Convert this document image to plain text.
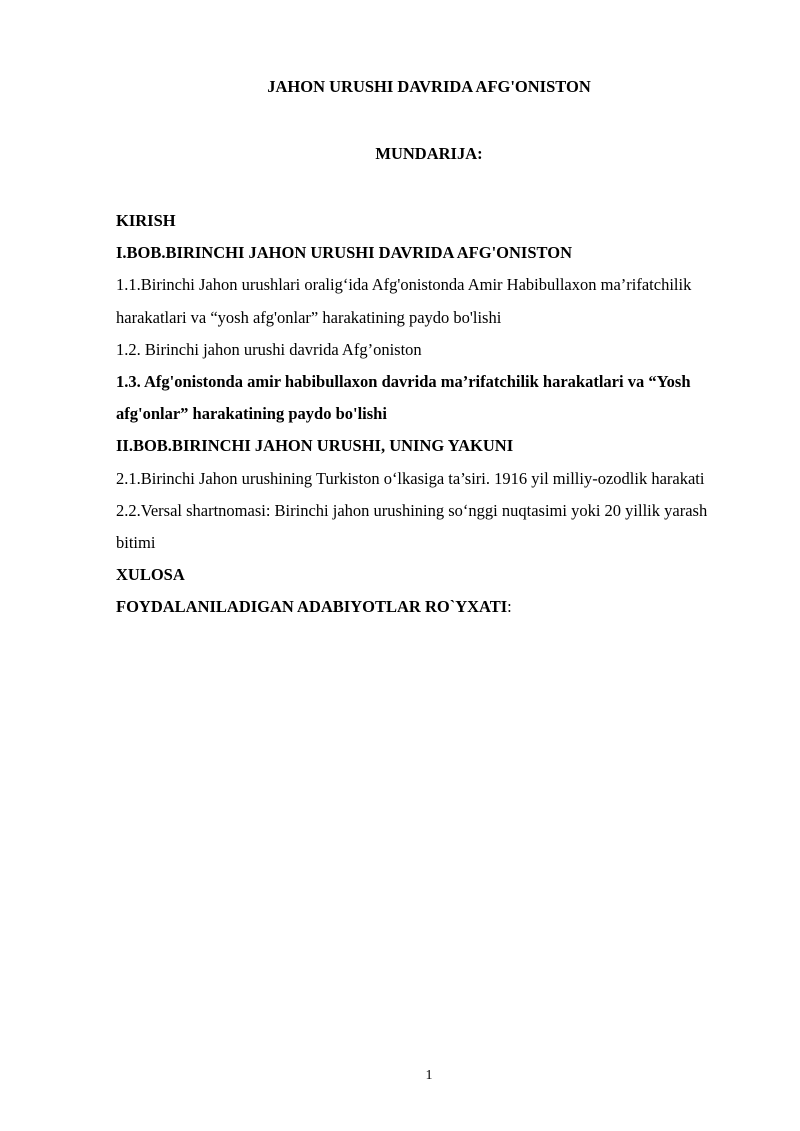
JAHON URUSHI DAVRIDA AFG'ONISTON
MUNDARIJA:
KIRISH
I.BOB.BIRINCHI JAHON URUSHI DAVRIDA AFG'ONISTON
1.1.Birinchi Jahon urushlari oralig‘ida Afg'onistonda Amir Habibullaxon ma’rifatchilik harakatlari va “yosh afg'onlar” harakatining paydo bo'lishi
1.2. Birinchi jahon urushi davrida Afg’oniston
1.3. Afg'onistonda amir habibullaxon davrida ma’rifatchilik harakatlari va “Yosh afg'onlar” harakatining paydo bo'lishi
II.BOB.BIRINCHI JAHON URUSHI, UNING YAKUNI
2.1.Birinchi Jahon urushining Turkiston o‘lkasiga ta’siri. 1916 yil milliy-ozodlik harakati
2.2.Versal shartnomasi: Birinchi jahon urushining so‘nggi nuqtasimi yoki 20 yillik yarash bitimi
XULOSA
FOYDALANILADIGAN ADABIYOTLAR RO`YXATI:
1
